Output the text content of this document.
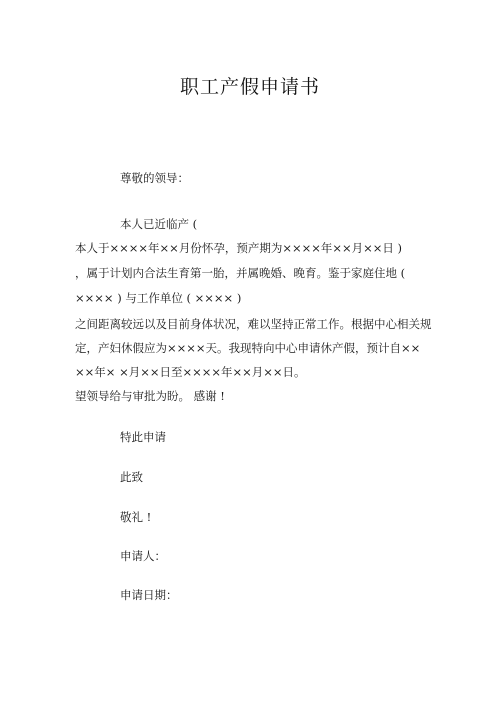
职工产假申请书
尊敬的领导：
本人已近临产 (
本人于××××年××月份怀孕，预产期为××××年××月××日 )
，属于计划内合法生育第一胎，并属晚婚、晚育。鉴于家庭住地 (
×××× ) 与工作单位 ( ×××× )
之间距离较远以及目前身体状况，难以坚持正常工作。根据中心相关规
定，产妇休假应为××××天。我现特向中心申请休产假，预计自××
××年× ×月××日至××××年××月××日。
望领导给与审批为盼。 感谢 !
特此申请
此致
敬礼 !
申请人：
申请日期：
